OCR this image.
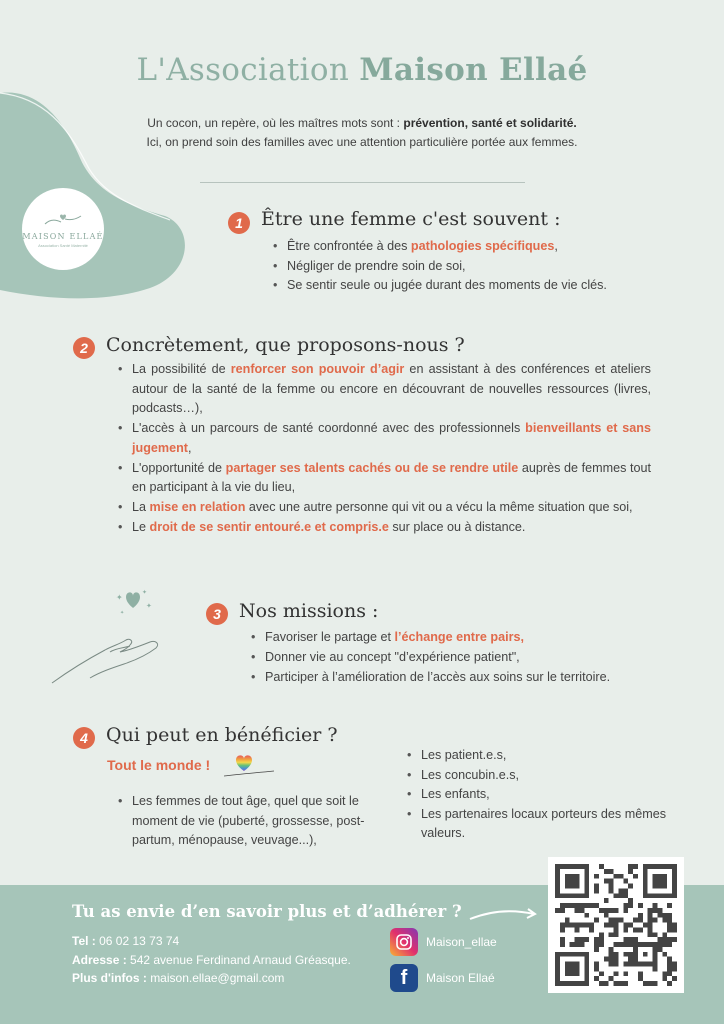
MAISON ELLAÉ
Association Santé Maternité
L'Association Maison Ellaé
Un cocon, un repère, où les maîtres mots sont : prévention, santé et solidarité.
Ici, on prend soin des familles avec une attention particulière portée aux femmes.
1 Être une femme c'est souvent :
• Être confrontée à des pathologies spécifiques,
• Négliger de prendre soin de soi,
• Se sentir seule ou jugée durant des moments de vie clés.
2 Concrètement, que proposons-nous ?
• La possibilité de renforcer son pouvoir d’agir en assistant à des conférences et ateliers autour de la santé de la femme ou encore en découvrant de nouvelles ressources (livres, podcasts…),
• L'accès à un parcours de santé coordonné avec des professionnels bienveillants et sans jugement,
• L'opportunité de partager ses talents cachés ou de se rendre utile auprès de femmes tout en participant à la vie du lieu,
• La mise en relation avec une autre personne qui vit ou a vécu la même situation que soi,
• Le droit de se sentir entouré.e et compris.e sur place ou à distance.
✦
✦
✦
✦	3 Nos missions :
• Favoriser le partage et l’échange entre pairs,
• Donner vie au concept "d’expérience patient",
• Participer à l’amélioration de l’accès aux soins sur le territoire.
4 Qui peut en bénéficier ?
Tout le monde !
• Les femmes de tout âge, quel que soit le moment de vie (puberté, grossesse, post-partum, ménopause, veuvage...),
• Les patient.e.s,
• Les concubin.e.s,
• Les enfants,
• Les partenaires locaux porteurs des mêmes valeurs.
Tu as envie d’en savoir plus et d’adhérer ?
Tel : 06 02 13 73 74
Adresse : 542 avenue Ferdinand Arnaud Gréasque.
Plus d'infos : maison.ellae@gmail.com
Maison_ellae
f	Maison Ellaé
